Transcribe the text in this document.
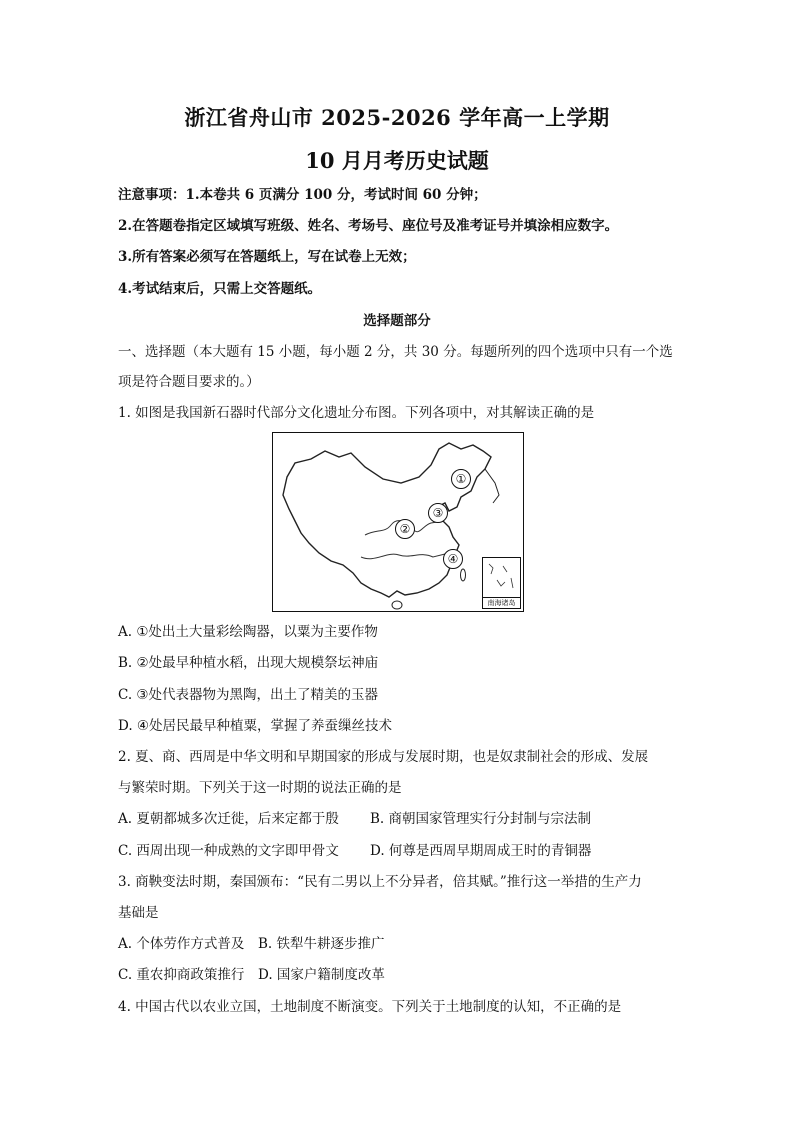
浙江省舟山市 2025-2026 学年高一上学期
10 月月考历史试题
注意事项：1.本卷共 6 页满分 100 分，考试时间 60 分钟；
2.在答题卷指定区域填写班级、姓名、考场号、座位号及准考证号并填涂相应数字。
3.所有答案必须写在答题纸上，写在试卷上无效；
4.考试结束后，只需上交答题纸。
选择题部分
一、选择题（本大题有 15 小题，每小题 2 分，共 30 分。每题所列的四个选项中只有一个选
项是符合题目要求的。）
1. 如图是我国新石器时代部分文化遗址分布图。下列各项中，对其解读正确的是
①
②
③
④
南海诸岛
A. ①处出土大量彩绘陶器，以粟为主要作物
B. ②处最早种植水稻，出现大规模祭坛神庙
C. ③处代表器物为黑陶，出土了精美的玉器
D. ④处居民最早种植粟，掌握了养蚕缫丝技术
2. 夏、商、西周是中华文明和早期国家的形成与发展时期，也是奴隶制社会的形成、发展
与繁荣时期。下列关于这一时期的说法正确的是
A. 夏朝都城多次迁徙，后来定都于殷 B. 商朝国家管理实行分封制与宗法制
C. 西周出现一种成熟的文字即甲骨文 D. 何尊是西周早期周成王时的青铜器
3. 商鞅变法时期，秦国颁布：“民有二男以上不分异者，倍其赋。”推行这一举措的生产力
基础是
A. 个体劳作方式普及 B. 铁犁牛耕逐步推广
C. 重农抑商政策推行 D. 国家户籍制度改革
4. 中国古代以农业立国，土地制度不断演变。下列关于土地制度的认知，不正确的是
